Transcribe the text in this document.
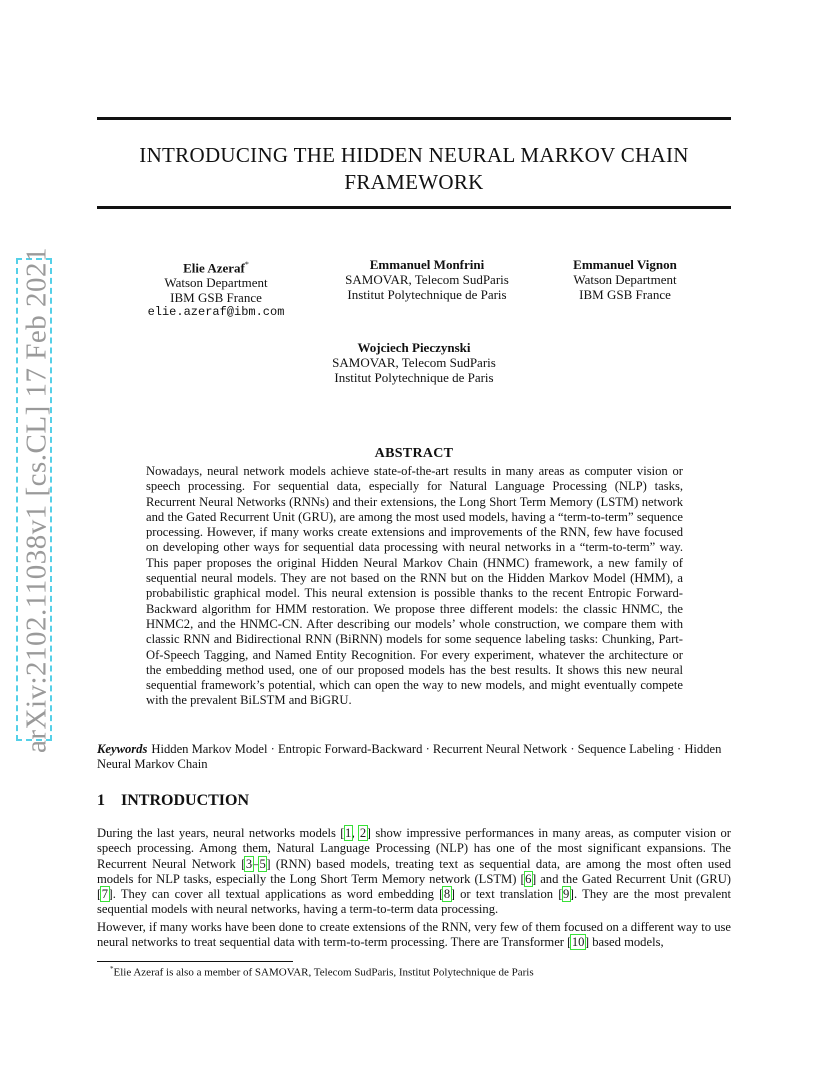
arXiv:2102.11038v1 [cs.CL] 17 Feb 2021
INTRODUCING THE HIDDEN NEURAL MARKOV CHAIN
FRAMEWORK
Elie Azeraf*
Watson Department
IBM GSB France
elie.azeraf@ibm.com
Emmanuel Monfrini
SAMOVAR, Telecom SudParis
Institut Polytechnique de Paris
Emmanuel Vignon
Watson Department
IBM GSB France
Wojciech Pieczynski
SAMOVAR, Telecom SudParis
Institut Polytechnique de Paris
ABSTRACT
Nowadays, neural network models achieve state-of-the-art results in many areas as computer vision or speech processing. For sequential data, especially for Natural Language Processing (NLP) tasks, Recurrent Neural Networks (RNNs) and their extensions, the Long Short Term Memory (LSTM) network and the Gated Recurrent Unit (GRU), are among the most used models, having a “term-to-term” sequence processing. However, if many works create extensions and improvements of the RNN, few have focused on developing other ways for sequential data processing with neural networks in a “term-to-term” way. This paper proposes the original Hidden Neural Markov Chain (HNMC) framework, a new family of sequential neural models. They are not based on the RNN but on the Hidden Markov Model (HMM), a probabilistic graphical model. This neural extension is possible thanks to the recent Entropic Forward-Backward algorithm for HMM restoration. We propose three different models: the classic HNMC, the HNMC2, and the HNMC-CN. After describing our models’ whole construction, we compare them with classic RNN and Bidirectional RNN (BiRNN) models for some sequence labeling tasks: Chunking, Part-Of-Speech Tagging, and Named Entity Recognition. For every experiment, whatever the architecture or the embedding method used, one of our proposed models has the best results. It shows this new neural sequential framework’s potential, which can open the way to new models, and might eventually compete with the prevalent BiLSTM and BiGRU.
Keywords Hidden Markov Model · Entropic Forward-Backward · Recurrent Neural Network · Sequence Labeling · Hidden Neural Markov Chain
1 INTRODUCTION
During the last years, neural networks models [1, 2] show impressive performances in many areas, as computer vision or speech processing. Among them, Natural Language Processing (NLP) has one of the most significant expansions. The Recurrent Neural Network [3–5] (RNN) based models, treating text as sequential data, are among the most often used models for NLP tasks, especially the Long Short Term Memory network (LSTM) [6] and the Gated Recurrent Unit (GRU) [7]. They can cover all textual applications as word embedding [8] or text translation [9]. They are the most prevalent sequential models with neural networks, having a term-to-term data processing.
However, if many works have been done to create extensions of the RNN, very few of them focused on a different way to use neural networks to treat sequential data with term-to-term processing. There are Transformer [10] based models,
*Elie Azeraf is also a member of SAMOVAR, Telecom SudParis, Institut Polytechnique de Paris
